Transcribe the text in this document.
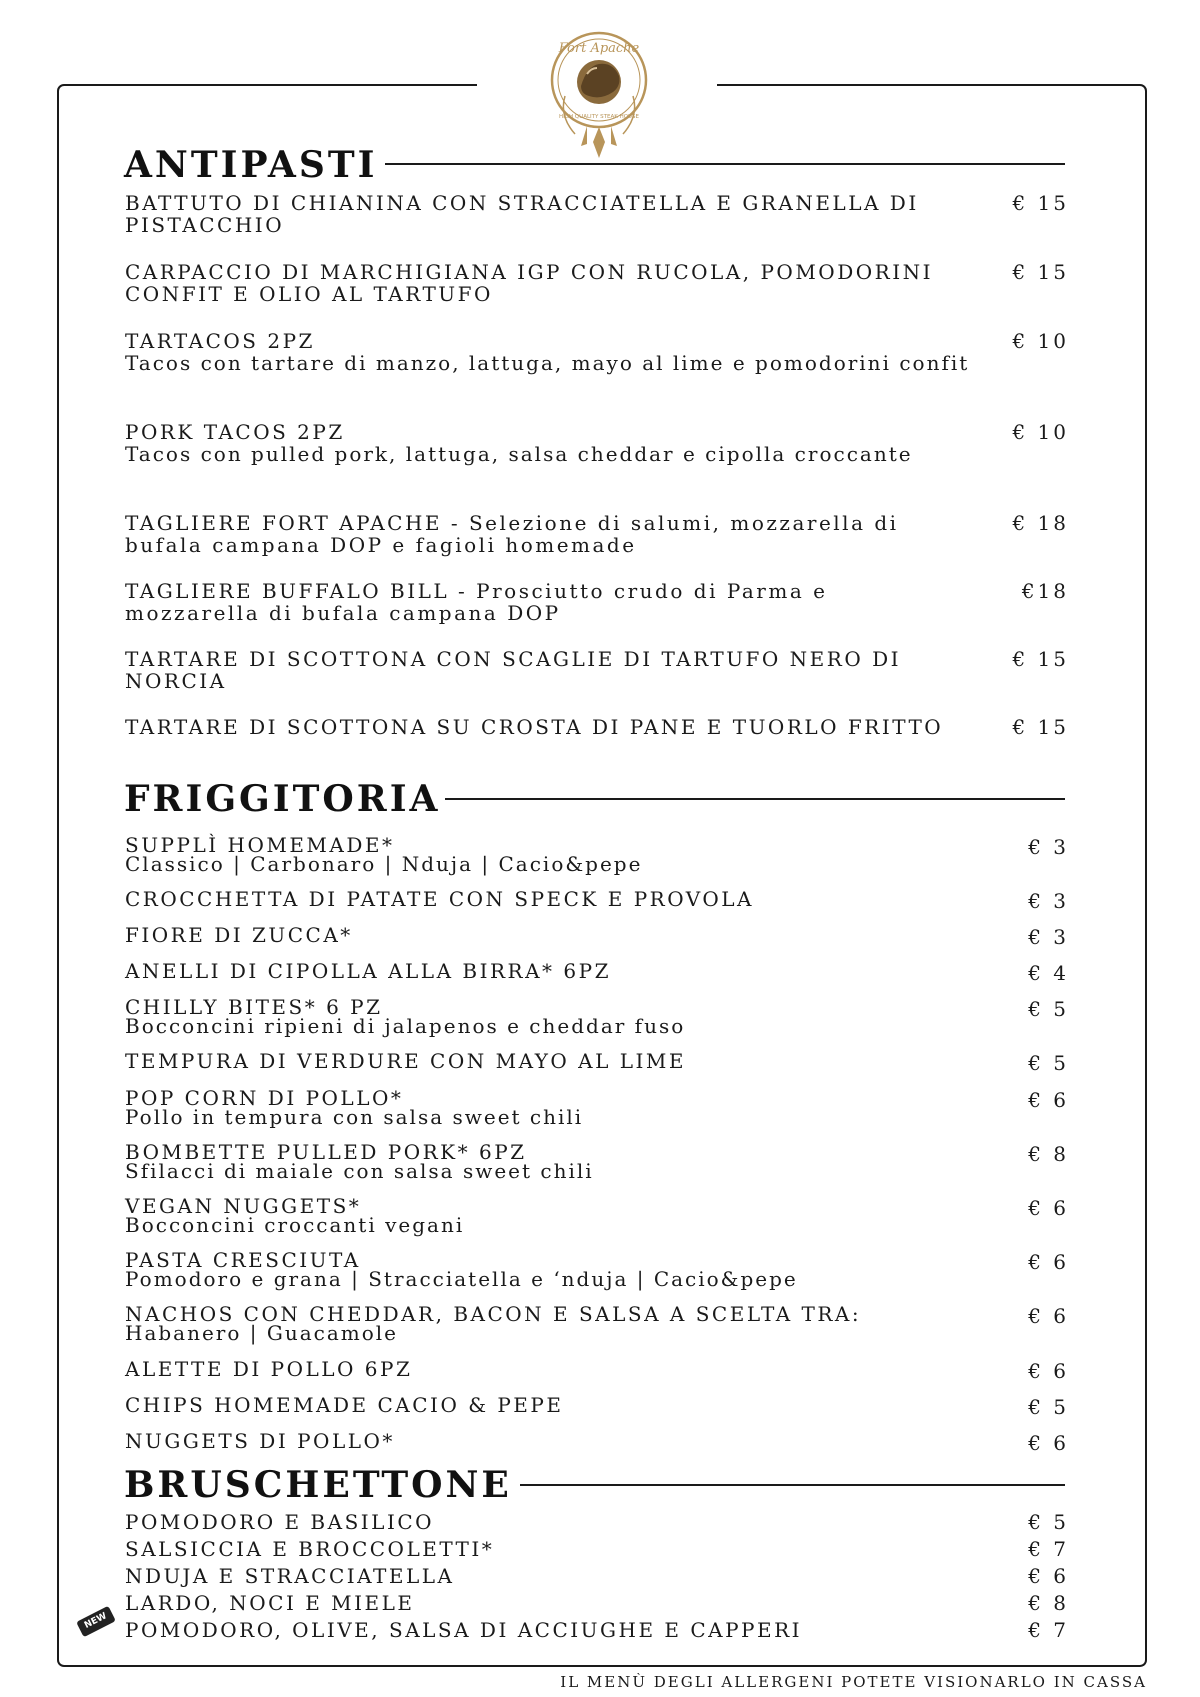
Fort Apache
HIGH QUALITY STEAK HOUSE
ANTIPASTI
BATTUTO DI CHIANINA CON STRACCIATELLA E GRANELLA DI PISTACCHIO
€ 15
CARPACCIO DI MARCHIGIANA IGP CON RUCOLA, POMODORINI CONFIT E OLIO AL TARTUFO
€ 15
TARTACOS 2PZ
Tacos con tartare di manzo, lattuga, mayo al lime e pomodorini confit
€ 10
PORK TACOS 2PZ
Tacos con pulled pork, lattuga, salsa cheddar e cipolla croccante
€ 10
TAGLIERE FORT APACHE - Selezione di salumi, mozzarella di bufala campana DOP e fagioli homemade
€ 18
TAGLIERE BUFFALO BILL - Prosciutto crudo di Parma e mozzarella di bufala campana DOP
€18
TARTARE DI SCOTTONA CON SCAGLIE DI TARTUFO NERO DI NORCIA
€ 15
TARTARE DI SCOTTONA SU CROSTA DI PANE E TUORLO FRITTO	€ 15
FRIGGITORIA
SUPPLÌ HOMEMADE*
Classico | Carbonaro | Nduja | Cacio&pepe
€ 3
CROCCHETTA DI PATATE CON SPECK E PROVOLA	€ 3
FIORE DI ZUCCA*	€ 3
ANELLI DI CIPOLLA ALLA BIRRA* 6PZ	€ 4
CHILLY BITES* 6 PZ
Bocconcini ripieni di jalapenos e cheddar fuso
€ 5
TEMPURA DI VERDURE CON MAYO AL LIME	€ 5
POP CORN DI POLLO*
Pollo in tempura con salsa sweet chili
€ 6
BOMBETTE PULLED PORK* 6PZ
Sfilacci di maiale con salsa sweet chili
€ 8
VEGAN NUGGETS*
Bocconcini croccanti vegani
€ 6
PASTA CRESCIUTA
Pomodoro e grana | Stracciatella e ‘nduja | Cacio&pepe
€ 6
NACHOS CON CHEDDAR, BACON E SALSA A SCELTA TRA:
Habanero | Guacamole
€ 6
ALETTE DI POLLO 6PZ	€ 6
CHIPS HOMEMADE CACIO & PEPE	€ 5
NUGGETS DI POLLO*	€ 6
BRUSCHETTONE
POMODORO E BASILICO	€ 5
SALSICCIA E BROCCOLETTI*	€ 7
NDUJA E STRACCIATELLA	€ 6
LARDO, NOCI E MIELE	€ 8
POMODORO, OLIVE, SALSA DI ACCIUGHE E CAPPERI	€ 7
NEW
IL MENÙ DEGLI ALLERGENI POTETE VISIONARLO IN CASSA
